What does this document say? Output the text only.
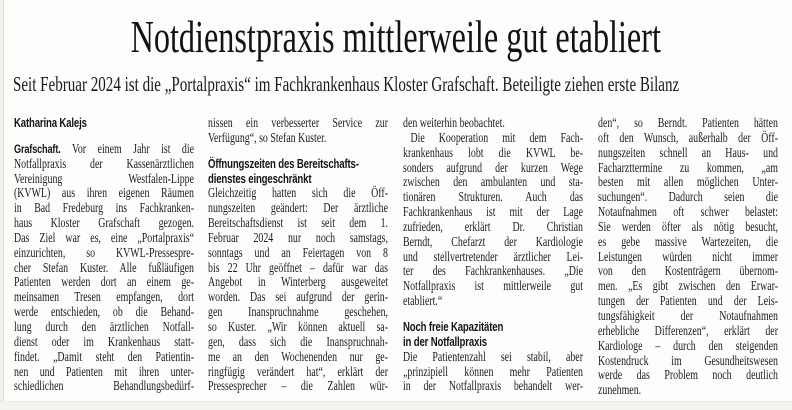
Notdienstpraxis mittlerweile gut etabliert
Seit Februar 2024 ist die „Portalpraxis“ im Fachkrankenhaus Kloster Grafschaft. Beteiligte ziehen erste Bilanz
Katharina Kalejs
Grafschaft. Vor einem Jahr ist die
Notfallpraxis der Kassenärztlichen
Vereinigung Westfalen-Lippe
(KVWL) aus ihren eigenen Räumen
in Bad Fredeburg ins Fachkranken-
haus Kloster Grafschaft gezogen.
Das Ziel war es, eine „Portalpraxis“
einzurichten, so KVWL-Pressespre-
cher Stefan Kuster. Alle fußläufigen
Patienten werden dort an einem ge-
meinsamen Tresen empfangen, dort
werde entschieden, ob die Behand-
lung durch den ärztlichen Notfall-
dienst oder im Krankenhaus statt-
findet. „Damit steht den Patientin-
nen und Patienten mit ihren unter-
schiedlichen Behandlungsbedürf-
nissen ein verbesserter Service zur
Verfügung“, so Stefan Kuster.
Öffnungszeiten des Bereitschafts-
dienstes eingeschränkt
Gleichzeitig hatten sich die Öff-
nungszeiten geändert: Der ärztliche
Bereitschaftsdienst ist seit dem 1.
Februar 2024 nur noch samstags,
sonntags und an Feiertagen von 8
bis 22 Uhr geöffnet – dafür war das
Angebot in Winterberg ausgeweitet
worden. Das sei aufgrund der gerin-
gen Inanspruchnahme geschehen,
so Kuster. „Wir können aktuell sa-
gen, dass sich die Inanspruchnah-
me an den Wochenenden nur ge-
ringfügig verändert hat“, erklärt der
Pressesprecher – die Zahlen wür-
den weiterhin beobachtet.
Die Kooperation mit dem Fach-
krankenhaus lobt die KVWL be-
sonders aufgrund der kurzen Wege
zwischen den ambulanten und sta-
tionären Strukturen. Auch das
Fachkrankenhaus ist mit der Lage
zufrieden, erklärt Dr. Christian
Berndt, Chefarzt der Kardiologie
und stellvertretender ärztlicher Lei-
ter des Fachkrankenhauses. „Die
Notfallpraxis ist mittlerweile gut
etabliert.“
Noch freie Kapazitäten
in der Notfallpraxis
Die Patientenzahl sei stabil, aber
„prinzipiell können mehr Patienten
in der Notfallpraxis behandelt wer-
den“, so Berndt. Patienten hätten
oft den Wunsch, außerhalb der Öff-
nungszeiten schnell an Haus- und
Facharzttermine zu kommen, „am
besten mit allen möglichen Unter-
suchungen“. Dadurch seien die
Notaufnahmen oft schwer belastet:
Sie werden öfter als nötig besucht,
es gebe massive Wartezeiten, die
Leistungen würden nicht immer
von den Kostenträgern übernom-
men. „Es gibt zwischen den Erwar-
tungen der Patienten und der Leis-
tungsfähigkeit der Notaufnahmen
erhebliche Differenzen“, erklärt der
Kardiologe – durch den steigenden
Kostendruck im Gesundheitswesen
werde das Problem noch deutlich
zunehmen.
